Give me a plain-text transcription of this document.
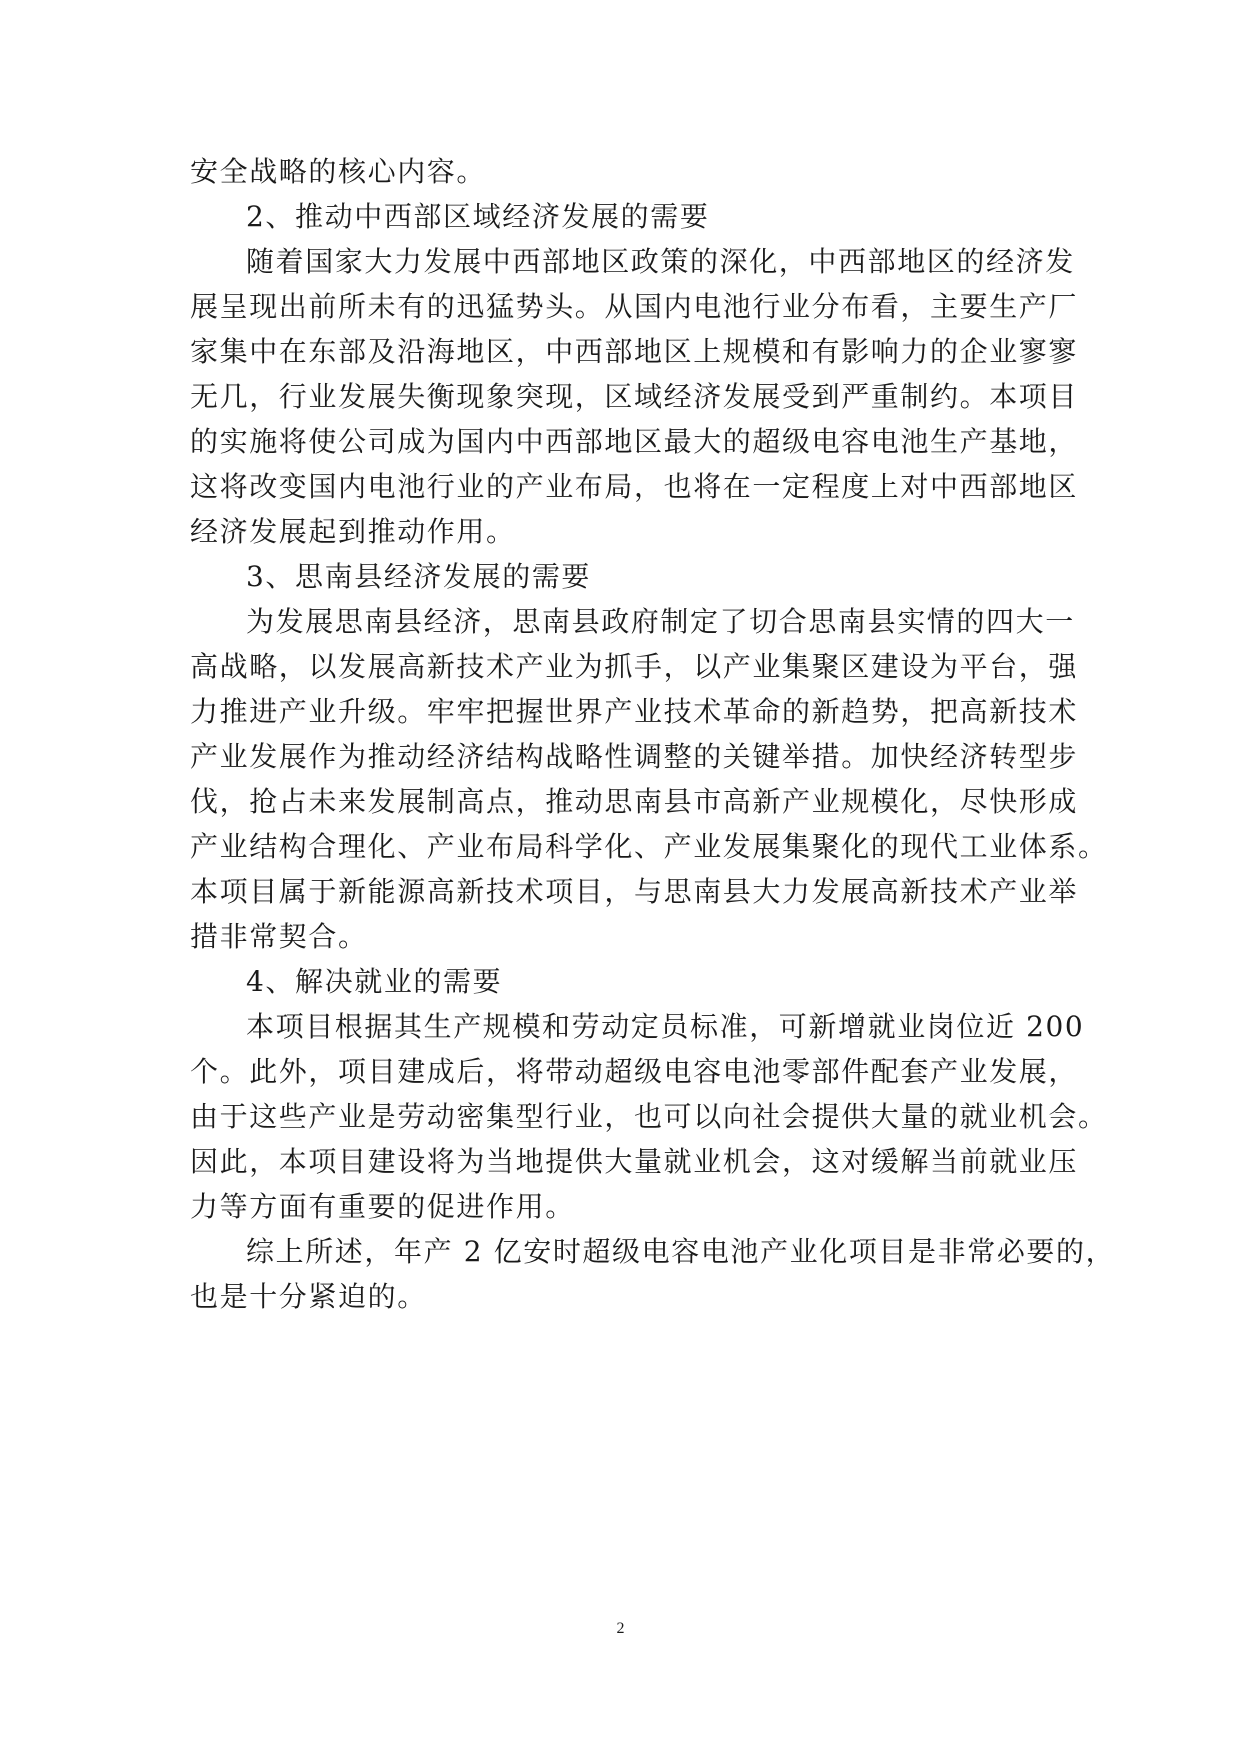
安全战略的核心内容。
2、推动中西部区域经济发展的需要
随着国家大力发展中西部地区政策的深化，中西部地区的经济发
展呈现出前所未有的迅猛势头。从国内电池行业分布看，主要生产厂
家集中在东部及沿海地区，中西部地区上规模和有影响力的企业寥寥
无几，行业发展失衡现象突现，区域经济发展受到严重制约。本项目
的实施将使公司成为国内中西部地区最大的超级电容电池生产基地，
这将改变国内电池行业的产业布局，也将在一定程度上对中西部地区
经济发展起到推动作用。
3、思南县经济发展的需要
为发展思南县经济，思南县政府制定了切合思南县实情的四大一
高战略，以发展高新技术产业为抓手，以产业集聚区建设为平台，强
力推进产业升级。牢牢把握世界产业技术革命的新趋势，把高新技术
产业发展作为推动经济结构战略性调整的关键举措。加快经济转型步
伐，抢占未来发展制高点，推动思南县市高新产业规模化，尽快形成
产业结构合理化、产业布局科学化、产业发展集聚化的现代工业体系。
本项目属于新能源高新技术项目，与思南县大力发展高新技术产业举
措非常契合。
4、解决就业的需要
本项目根据其生产规模和劳动定员标准，可新增就业岗位近 200
个。此外，项目建成后，将带动超级电容电池零部件配套产业发展，
由于这些产业是劳动密集型行业，也可以向社会提供大量的就业机会。
因此，本项目建设将为当地提供大量就业机会，这对缓解当前就业压
力等方面有重要的促进作用。
综上所述，年产 2 亿安时超级电容电池产业化项目是非常必要的，
也是十分紧迫的。
2
